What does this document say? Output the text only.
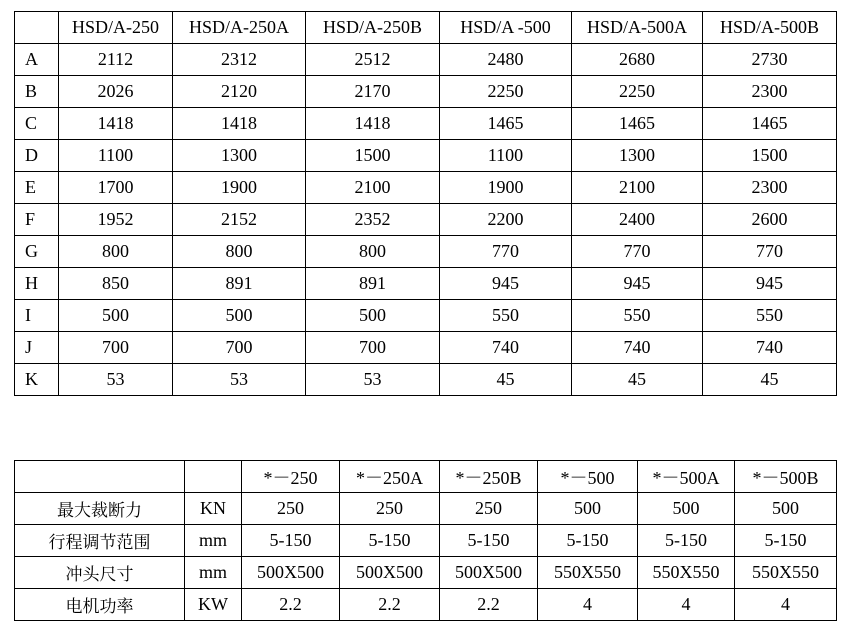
	HSD/A-250	HSD/A-250A	HSD/A-250B	HSD/A -500	HSD/A-500A	HSD/A-500B
A	2112	2312	2512	2480	2680	2730
B	2026	2120	2170	2250	2250	2300
C	1418	1418	1418	1465	1465	1465
D	1100	1300	1500	1100	1300	1500
E	1700	1900	2100	1900	2100	2300
F	1952	2152	2352	2200	2400	2600
G	800	800	800	770	770	770
H	850	891	891	945	945	945
I	500	500	500	550	550	550
J	700	700	700	740	740	740
K	53	53	53	45	45	45
		*－250	*－250A	*－250B	*－500	*－500A	*－500B
最大裁断力	KN	250	250	250	500	500	500
行程调节范围	mm	5-150	5-150	5-150	5-150	5-150	5-150
冲头尺寸	mm	500X500	500X500	500X500	550X550	550X550	550X550
电机功率	KW	2.2	2.2	2.2	4	4	4
